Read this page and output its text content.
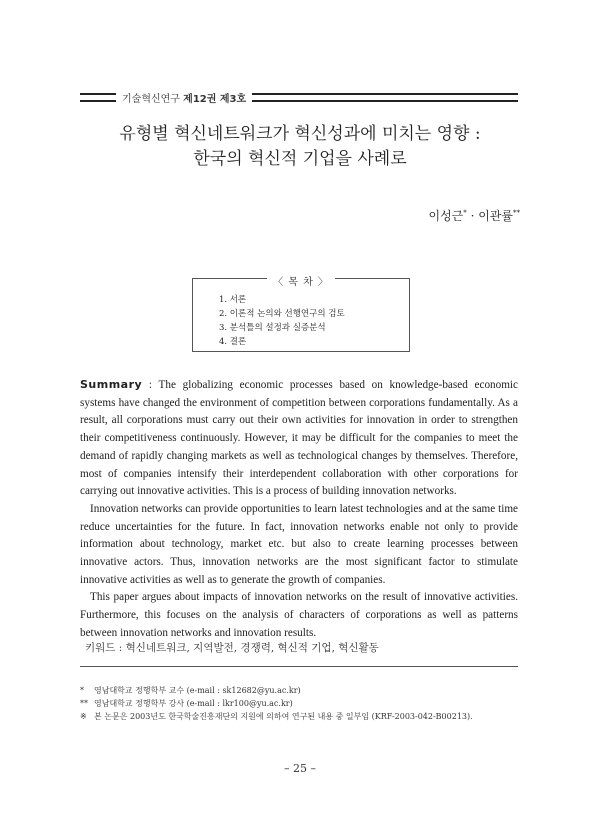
기술혁신연구 제12권 제3호
유형별 혁신네트워크가 혁신성과에 미치는 영향 :
한국의 혁신적 기업을 사례로
이성근* · 이관률**
〈 목 차 〉
1. 서론
2. 이론적 논의와 선행연구의 검토
3. 분석틀의 설정과 실증분석
4. 결론

Summary : The globalizing economic processes based on knowledge-based economic systems have changed the environment of competition between corporations fundamentally. As a result, all corporations must carry out their own activities for innovation in order to strengthen their competitiveness continuously. However, it may be difficult for the companies to meet the demand of rapidly changing markets as well as technological changes by themselves. Therefore, most of companies intensify their interdependent collaboration with other corporations for carrying out innovative activities. This is a process of building innovation networks.

Innovation networks can provide opportunities to learn latest technologies and at the same time reduce uncertainties for the future. In fact, innovation networks enable not only to provide information about technology, market etc. but also to create learning processes between innovative actors. Thus, innovation networks are the most significant factor to stimulate innovative activities as well as to generate the growth of companies.

This paper argues about impacts of innovation networks on the result of innovative activities. Furthermore, this focuses on the analysis of characters of corporations as well as patterns between innovation networks and innovation results.

키워드 : 혁신네트워크, 지역발전, 경쟁력, 혁신적 기업, 혁신활동
* 영남대학교 정행학부 교수 (e-mail : sk12682@yu.ac.kr)
** 영남대학교 정행학부 강사 (e-mail : lkr100@yu.ac.kr)
※ 본 논문은 2003년도 한국학술진흥재단의 지원에 의하여 연구된 내용 중 일부임 (KRF-2003-042-B00213).
– 25 –
